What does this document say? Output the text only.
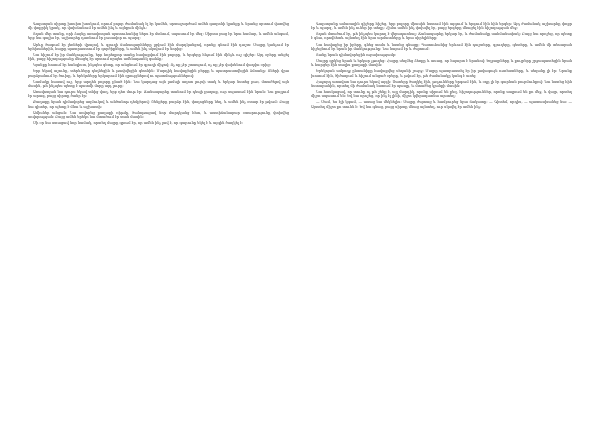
Գալստյան սիրտը խոսիտ խոսկում, որում բոլոր ժամանակ էլ էր կամեն, սրտաշարժում ամեն գաղտնի կյանքը և նրանց սրտում վառվեց մի փոքրիկ կրակ, որ վախճանում էր ամեն ինչ և այնքան մինչև։

Տղան մեր տանը, որի ձայնը առավոտյան պատուհանից ներս էր մտնում, սպասում էր մեզ։ Սիրտս բաց էր նրա համար, և ամեն անգամ, երբ նա գալիս էր, աշխարհը դառնում էր լուսավոր ու պարզ։

Արևը ծագում էր լեռների վրայով, և գյուղի ճանապարհները լցվում էին մարդկանցով, որոնք գնում էին դաշտ։ Մայրը կանչում էր երեխաներին, հայրը պատրաստում էր գործիքները, և ամեն ինչ սկսվում էր նորից։

Նա հիշում էր իր մանկությունը, երբ հորեղբոր տանը հավաքվում էին բոլորը, և երգերը հնչում էին մինչև ուշ գիշեր։ Այդ օրերը անցել էին, բայց հիշողությունը մնացել էր սրտում որպես ամենաթանկ գանձը։

Կյանքը հոսում էր հանգիստ, ինչպես գետը, որ անցնում էր գյուղի միջով։ Ոչ ոք չէր շտապում, ոչ ոք չէր վախենում վաղվա օրից։

Երբ եկավ աշունը, տերևները դեղնեցին և թափվեցին գետնին։ Մարդիկ հավաքեցին բերքը և պատրաստվեցին ձմռանը։ Տների վրա բարձրանում էր ծուխը, և երեկոները երկարում էին զրույցներով ու պատմություններով։

Նամակը հասավ ուշ, երբ արդեն բոլորը քնած էին։ Նա կարդաց այն լամպի աղոտ լույսի տակ և երկար նստեց լուռ, մտածելով այն մասին, թե ինչպես պետք է պատմի մորը այդ լուրը։

Առավոտյան նա դուրս եկավ տնից վաղ, երբ դեռ մութ էր։ Ճանապարհը տանում էր դեպի քաղաք, ուր սպասում էին նրան։ Նա քայլում էր արագ, բայց սիրտը ծանր էր։

Քաղաքը նրան դիմավորեց աղմուկով և անծանոթ դեմքերով։ Շենքերը բարձր էին, փողոցները նեղ, և ամեն ինչ օտար էր թվում։ Բայց նա գիտեր, որ պետք է մնա և աշխատի։

Ամիսներ անցան։ Նա սովորեց քաղաքի ռիթմը, ծանոթացավ նոր մարդկանց հետ, և աստիճանաբար օտարությունը փոխվեց սովորության։ Բայց ամեն երեկո նա մտածում էր տան մասին։

Մի օր նա ստացավ նոր նամակ, որտեղ մայրը գրում էր, որ ամեն ինչ լավ է, որ գարունը եկել է և այգին ծաղկել է։

Գալստյանը ամառային գիշերը հիշեց, երբ բոլորը միասին նստում էին այգում և երգում էին հին երգեր։ Այդ ժամանակ աշխարհը փոքր էր և պարզ, և ամեն ինչ ուներ իր տեղը։ Հիմա ամեն ինչ փոխվել էր, բայց երգերը մնացել էին հիշողության մեջ։

Տղան մտածում էր, թե ինչպես կարող է վերադառնալ։ Ճանապարհը երկար էր, և ժամանակը սահմանափակ։ Բայց նա որոշեց, որ պետք է գնա, որովհետև այնտեղ էին նրա արմատները և նրա սիրելիները։

Նա հավաքեց իր իրերը, գնեց տոմս և նստեց գնացք։ Պատուհանից երևում էին դաշտերը, գյուղերը, գետերը, և ամեն մի տեսարան հիշեցնում էր նրան իր մանկությունը։ Նա նայում էր և ժպտում։

Տանը նրան դիմավորեցին ուրախությամբ։

Մայրը գրկեց նրան և երկար չթողեց։ Հայրը սեղմեց ձեռքը և ասաց, որ հպարտ է նրանով։ Եղբայրները և քույրերը շրջապատեցին նրան և հարցեր էին տալիս քաղաքի մասին։

Երեկոյան ամբողջ ընտանիքը հավաքվեց սեղանի շուրջ։ Մայրը պատրաստել էր իր լավագույն ուտեստները, և սեղանը լի էր։ Նրանք խոսում էին, ծիծաղում և հիշում անցած օրերը, և թվում էր, թե ժամանակը կանգ է առել։

Հաջորդ առավոտ նա դուրս եկավ այգի։ Ծառերը ծաղկել էին, թռչունները երգում էին, և օդը լի էր գարնան բուրմունքով։ Նա նստեց հին նստարանին, որտեղ մի ժամանակ նստում էր պապը, և մտածեց կյանքի մասին։

Նա հասկացավ, որ տունը ոչ թե շենք է, այլ մարդիկ, որոնք սիրում են քեզ, հիշողություններ, որոնք ապրում են քո մեջ, և վայր, որտեղ միշտ սպասում են։ Եվ նա որոշեց, որ ինչ էլ լինի, միշտ կվերադառնա այստեղ։

— Մամ, ես էլի կգամ, — ասաց նա մեկնելիս։ Մայրը ժպտաց և համբուրեց նրա ճակատը։ — Գիտեմ, որդիս, — պատասխանեց նա։ — Այստեղ միշտ քո տունն է։ Եվ նա գնաց, բայց սիրտը մնաց այնտեղ, ուր սկսվել էր ամեն ինչ։
